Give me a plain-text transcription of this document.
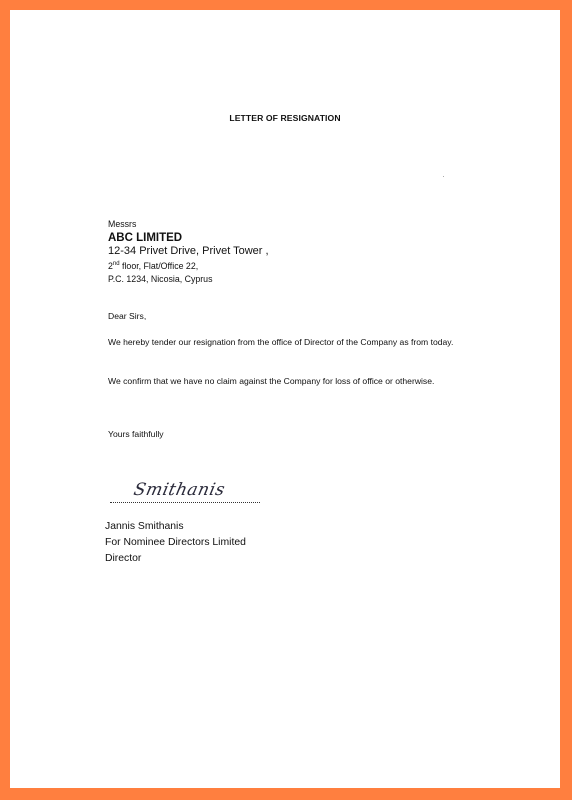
LETTER OF RESIGNATION
Messrs
ABC LIMITED
12-34 Privet Drive, Privet Tower ,
2nd floor, Flat/Office 22,
P.C. 1234, Nicosia, Cyprus
Dear Sirs,
We hereby tender our resignation from the office of Director of the Company as from today.
We confirm that we have no claim against the Company for loss of office or otherwise.
Yours faithfully
Smithanis
Jannis Smithanis
For Nominee Directors Limited
Director
